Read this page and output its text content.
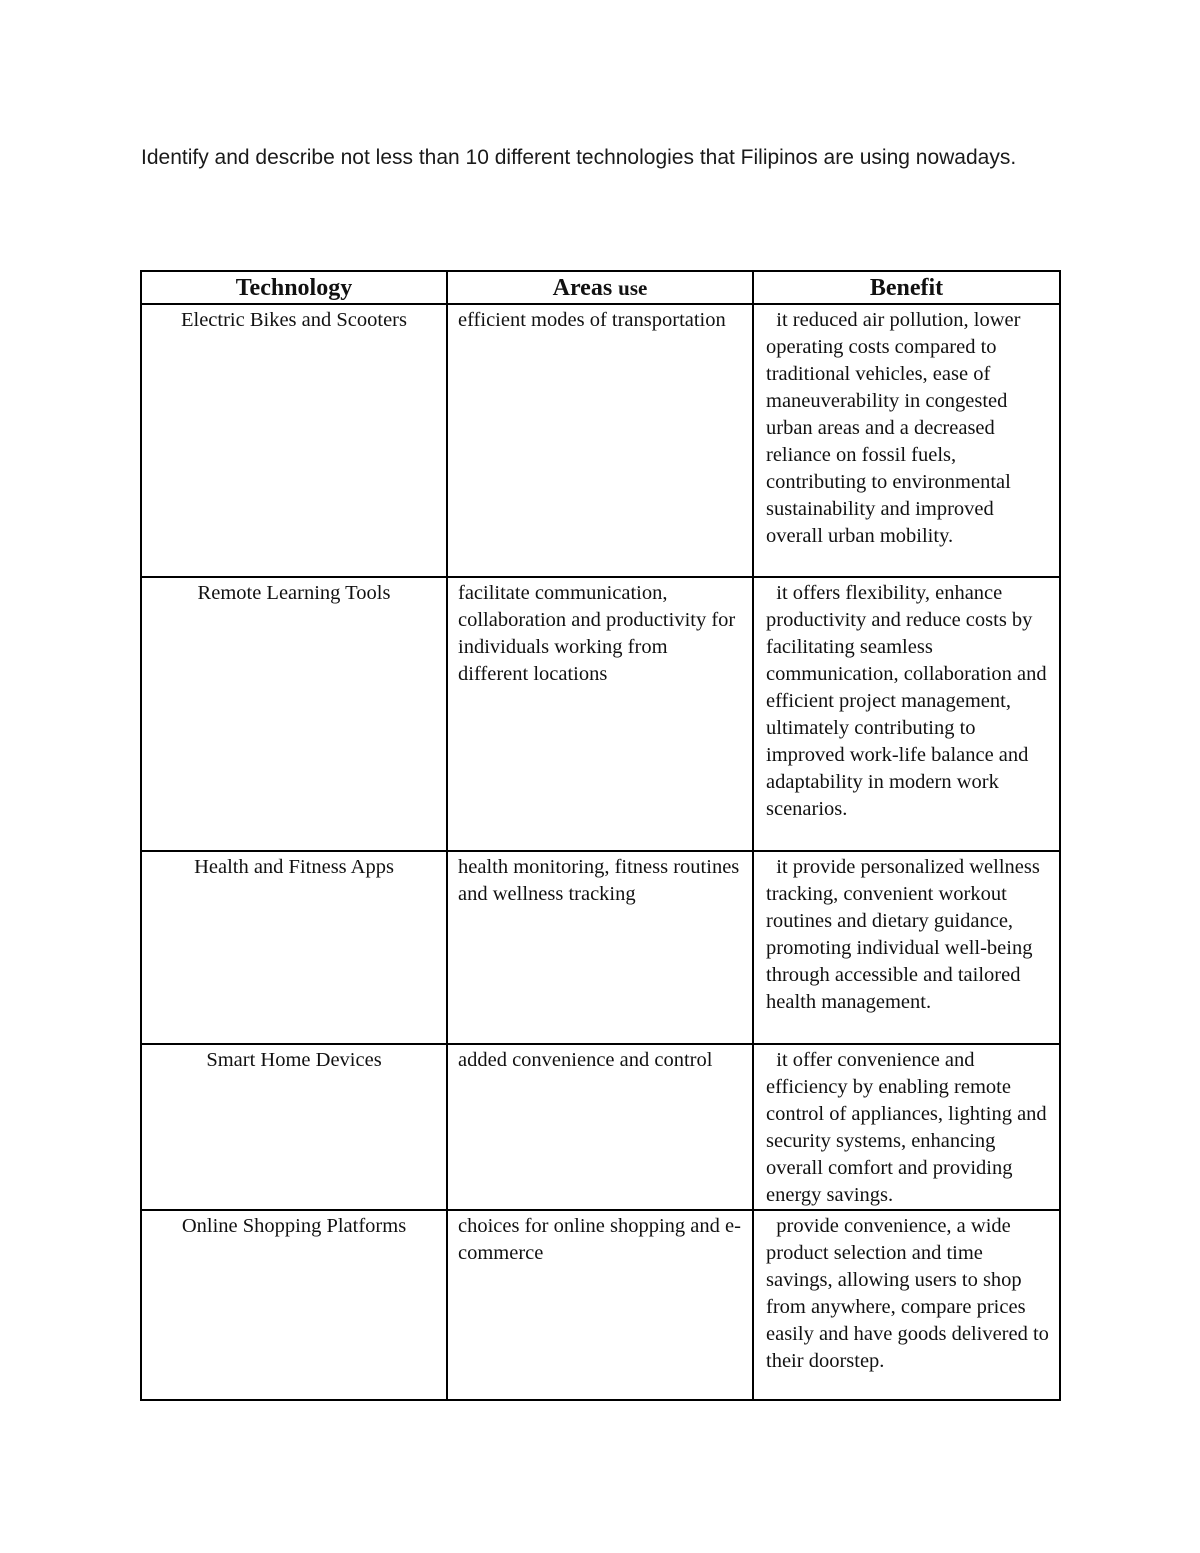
Identify and describe not less than 10 different technologies that Filipinos are using nowadays.

Technology	Areas use	Benefit
Electric Bikes and Scooters	efficient modes of transportation	it reduced air pollution, lower operating costs compared to traditional vehicles, ease of maneuverability in congested urban areas and a decreased reliance on fossil fuels, contributing to environmental sustainability and improved overall urban mobility.
Remote Learning Tools	facilitate communication, collaboration and productivity for individuals working from different locations	it offers flexibility, enhance productivity and reduce costs by facilitating seamless communication, collaboration and efficient project management, ultimately contributing to improved work-life balance and adaptability in modern work scenarios.
Health and Fitness Apps	health monitoring, fitness routines and wellness tracking	it provide personalized wellness tracking, convenient workout routines and dietary guidance, promoting individual well-being through accessible and tailored health management.
Smart Home Devices	added convenience and control	it offer convenience and efficiency by enabling remote control of appliances, lighting and security systems, enhancing overall comfort and providing energy savings.
Online Shopping Platforms	choices for online shopping and e-commerce	provide convenience, a wide product selection and time savings, allowing users to shop from anywhere, compare prices easily and have goods delivered to their doorstep.
